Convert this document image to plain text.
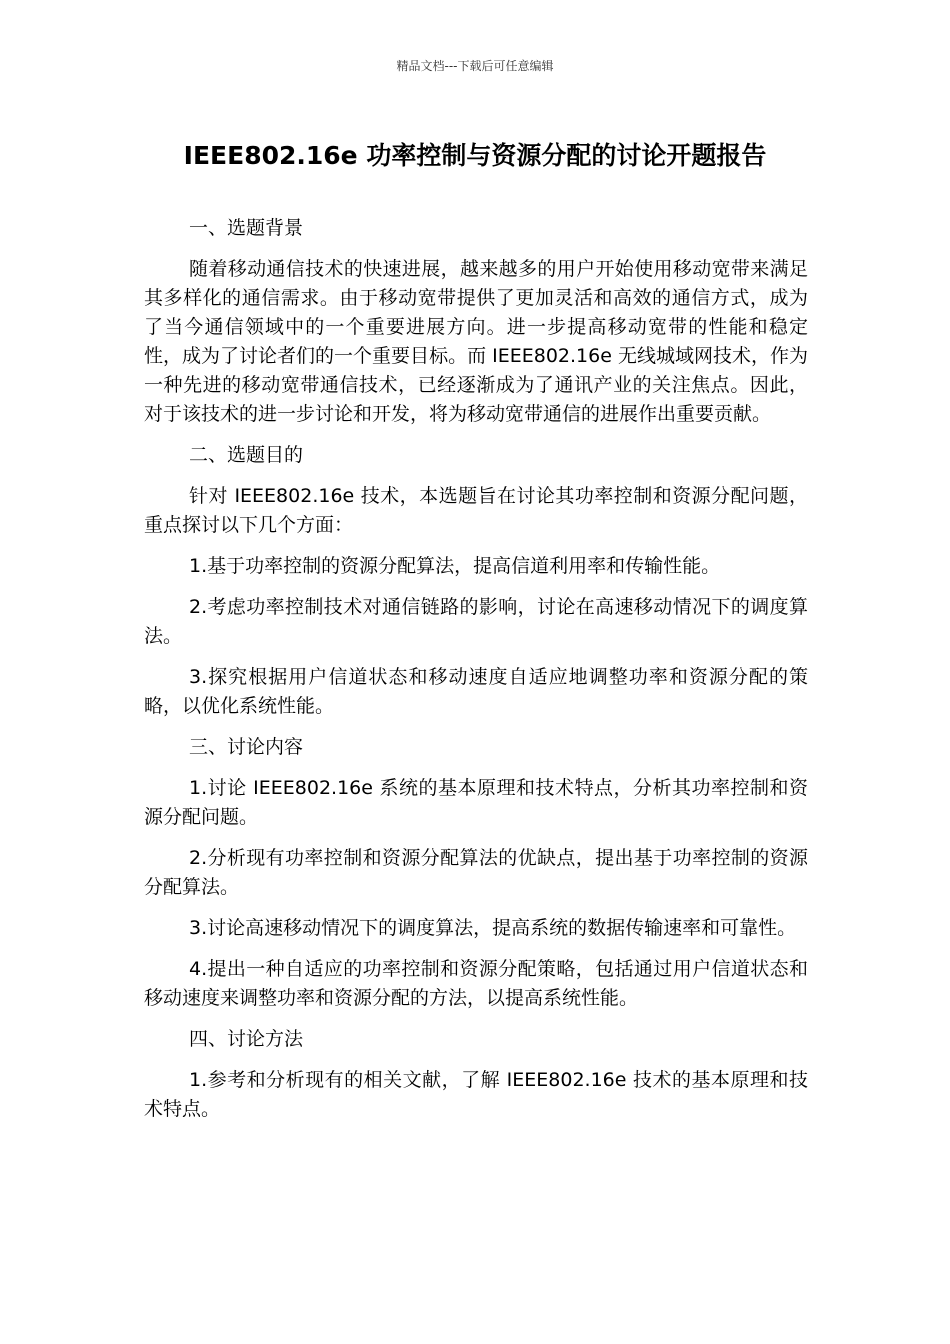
精品文档---下载后可任意编辑
IEEE802.16e 功率控制与资源分配的讨论开题报告

一、选题背景

随着移动通信技术的快速进展，越来越多的用户开始使用移动宽带来满足其多样化的通信需求。由于移动宽带提供了更加灵活和高效的通信方式，成为了当今通信领域中的一个重要进展方向。进一步提高移动宽带的性能和稳定性，成为了讨论者们的一个重要目标。而 IEEE802.16e 无线城域网技术，作为一种先进的移动宽带通信技术，已经逐渐成为了通讯产业的关注焦点。因此，对于该技术的进一步讨论和开发，将为移动宽带通信的进展作出重要贡献。

二、选题目的

针对 IEEE802.16e 技术，本选题旨在讨论其功率控制和资源分配问题，重点探讨以下几个方面：

1.基于功率控制的资源分配算法，提高信道利用率和传输性能。

2.考虑功率控制技术对通信链路的影响，讨论在高速移动情况下的调度算法。

3.探究根据用户信道状态和移动速度自适应地调整功率和资源分配的策略，以优化系统性能。

三、讨论内容

1.讨论 IEEE802.16e 系统的基本原理和技术特点，分析其功率控制和资源分配问题。

2.分析现有功率控制和资源分配算法的优缺点，提出基于功率控制的资源分配算法。

3.讨论高速移动情况下的调度算法，提高系统的数据传输速率和可靠性。

4.提出一种自适应的功率控制和资源分配策略，包括通过用户信道状态和移动速度来调整功率和资源分配的方法，以提高系统性能。

四、讨论方法

1.参考和分析现有的相关文献，了解 IEEE802.16e 技术的基本原理和技术特点。
